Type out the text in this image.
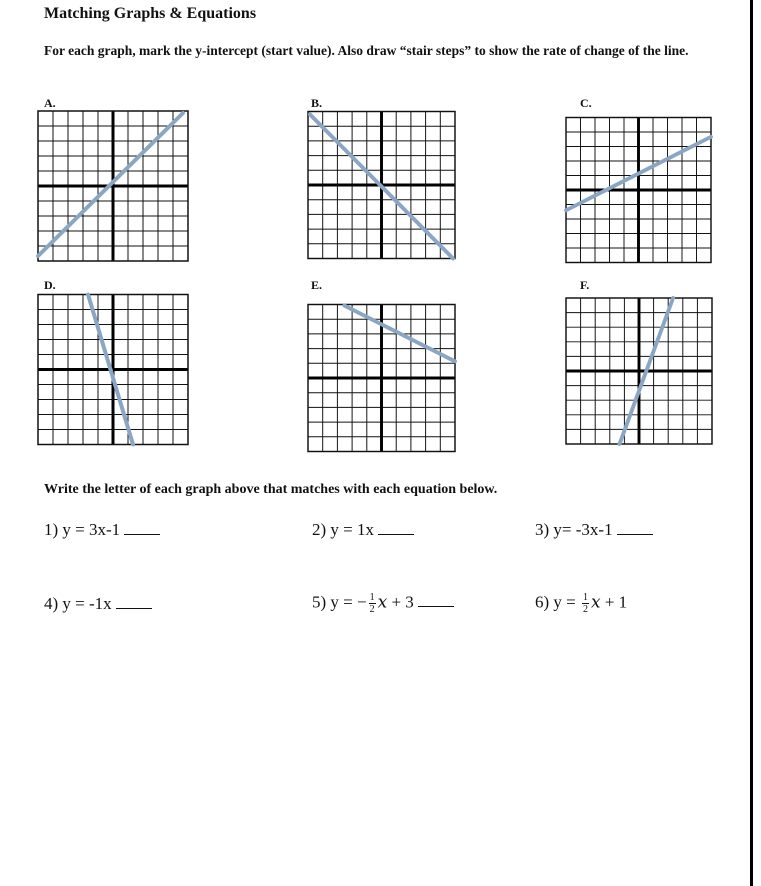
Matching Graphs & Equations
For each graph, mark the y-intercept (start value). Also draw “stair steps” to show the rate of change of the line.
A.	B.	C.
D.	E.	F.
Write the letter of each graph above that matches with each equation below.
1) y = 3x-1	2) y = 1x	3) y= -3x-1
4) y = -1x	5) y = − $\frac{1}{2}$ x + 3	6) $y = \frac{1}{2}$ x + 1
